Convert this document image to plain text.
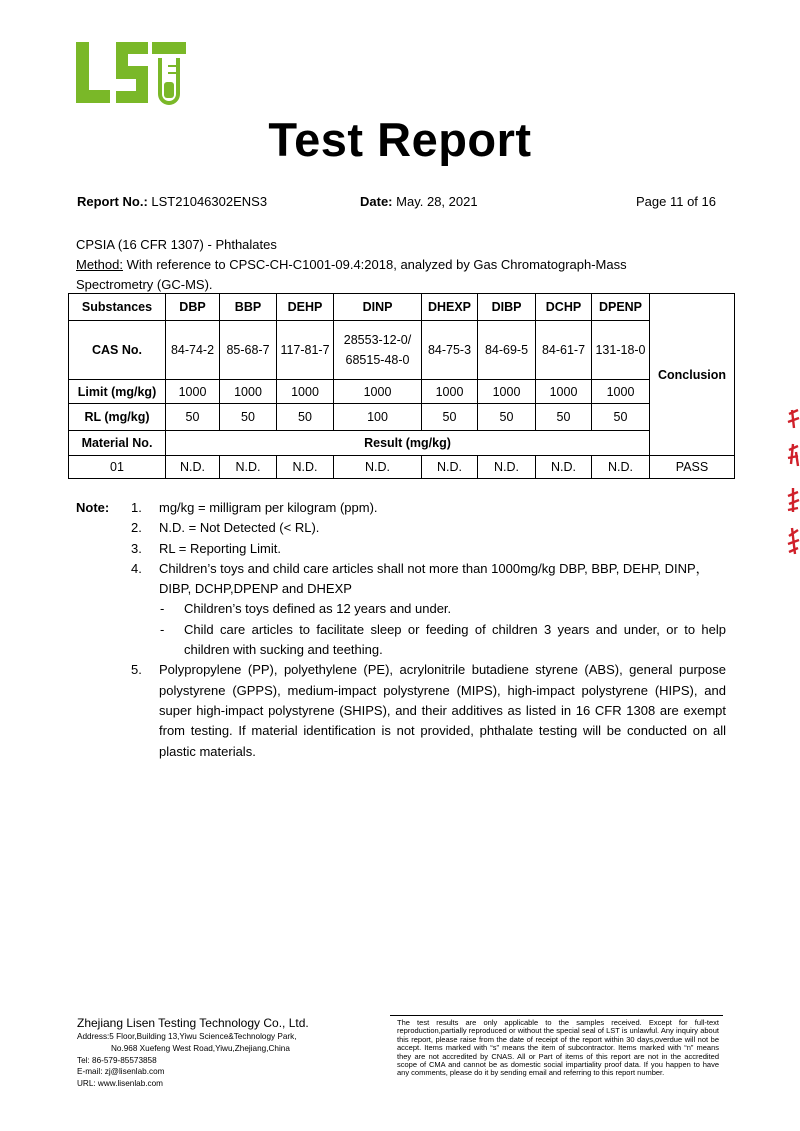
Test Report
Report No.: LST21046302ENS3	Date: May. 28, 2021	Page 11 of 16
CPSIA (16 CFR 1307) - Phthalates
Method: With reference to CPSC-CH-C1001-09.4:2018, analyzed by Gas Chromatograph-Mass
Spectrometry (GC-MS).
Substances	DBP	BBP	DEHP	DINP	DHEXP	DIBP	DCHP	DPENP	Conclusion
CAS No.	84-74-2	85-68-7	117-81-7	28553-12-0/
68515-48-0	84-75-3	84-69-5	84-61-7	131-18-0	
Limit (mg/kg)	1000	1000	1000	1000	1000	1000	1000	1000	
RL (mg/kg)	50	50	50	100	50	50	50	50	
Material No.	Result (mg/kg)								
01	N.D.	N.D.	N.D.	N.D.	N.D.	N.D.	N.D.	N.D.	PASS
Note: 1. mg/kg = milligram per kilogram (ppm).
2. N.D. = Not Detected (< RL).
3. RL = Reporting Limit.
4. Children’s toys and child care articles shall not more than 1000mg/kg DBP, BBP, DEHP, DINP，DIBP, DCHP,DPENP and DHEXP
- Children’s toys defined as 12 years and under.
- Child care articles to facilitate sleep or feeding of children 3 years and under, or to help children with sucking and teething.
5. Polypropylene (PP), polyethylene (PE), acrylonitrile butadiene styrene (ABS), general purpose polystyrene (GPPS), medium-impact polystyrene (MIPS), high-impact polystyrene (HIPS), and super high-impact polystyrene (SHIPS), and their additives as listed in 16 CFR 1308 are exempt from testing. If material identification is not provided, phthalate testing will be conducted on all plastic materials.
Zhejiang Lisen Testing Technology Co., Ltd.
Address:5 Floor,Building 13,Yiwu Science&Technology Park,
No.968 Xuefeng West Road,Yiwu,Zhejiang,China
Tel: 86-579-85573858
E-mail: zj@lisenlab.com
URL: www.lisenlab.com
The test results are only applicable to the samples received. Except for full-text reproduction,partially reproduced or without the special seal of LST is unlawful. Any inquiry about this report, please raise from the date of receipt of the report within 30 days,overdue will not be accept. Items marked with “s” means the item of subcontractor. Items marked with “n” means they are not accredited by CNAS. All or Part of items of this report are not in the accredited scope of CMA and cannot be as domestic social impartiality proof data. If you happen to have any comments, please do it by sending email and referring to this report number.
